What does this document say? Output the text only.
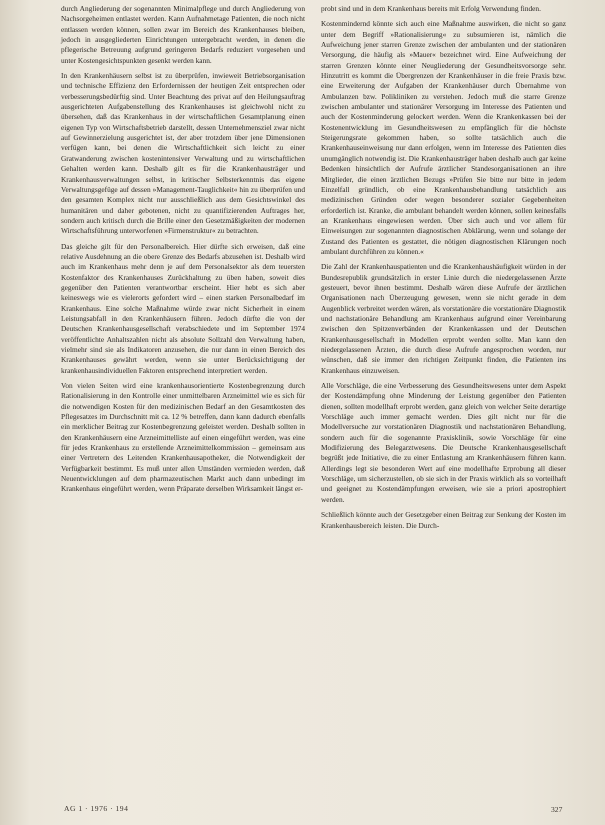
durch Angliederung der sogenannten Minimalpflege und durch Angliederung von Nachsorgeheimen entlastet werden. Kann Aufnahmetage Patienten, die noch nicht entlassen werden können, sollen zwar im Bereich des Krankenhauses bleiben, jedoch in ausgegliederten Einrichtungen untergebracht werden, in denen die pflegerische Betreuung aufgrund geringeren Bedarfs reduziert vorgesehen und unter Kostengesichtspunkten gesenkt werden kann.

In den Krankenhäusern selbst ist zu überprüfen, inwieweit Betriebsorganisation und technische Effizienz den Erfordernissen der heutigen Zeit entsprechen oder verbesserungsbedürftig sind. Unter Beachtung des privat auf den Heilungsauftrag ausgerichteten Aufgabenstellung des Krankenhauses ist gleichwohl nicht zu übersehen, daß das Krankenhaus in der wirtschaftlichen Gesamtplanung einen eigenen Typ von Wirtschaftsbetrieb darstellt, dessen Unternehmensziel zwar nicht auf Gewinnerzielung ausgerichtet ist, der aber trotzdem über jene Dimensionen verfügen kann, bei denen die Wirtschaftlichkeit sich leicht zu einer Gratwanderung zwischen kostenintensiver Verwaltung und zu wirtschaftlichen Gehalten werden kann. Deshalb gilt es für die Krankenhausträger und Krankenhausverwaltungen selbst, in kritischer Selbsterkenntnis das eigene Verwaltungsgefüge auf dessen »Management-Tauglichkeit« hin zu überprüfen und den gesamten Komplex nicht nur ausschließlich aus dem Gesichtswinkel des humanitären und daher gebotenen, nicht zu quantifizierenden Auftrages her, sondern auch kritisch durch die Brille einer den Gesetzmäßigkeiten der modernen Wirtschaftsführung unterworfenen »Firmenstruktur« zu betrachten.

Das gleiche gilt für den Personalbereich. Hier dürfte sich erweisen, daß eine relative Ausdehnung an die obere Grenze des Bedarfs abzusehen ist. Deshalb wird auch im Krankenhaus mehr denn je auf dem Personalsektor als dem teuersten Kostenfaktor des Krankenhauses Zurückhaltung zu üben haben, soweit dies gegenüber den Patienten verantwortbar erscheint. Hier hebt es sich aber keineswegs wie es vielerorts gefordert wird – einen starken Personalbedarf im Krankenhaus. Eine solche Maßnahme würde zwar nicht Sicherheit in einem Leistungsabfall in den Krankenhäusern führen. Jedoch dürfte die von der Deutschen Krankenhausgesellschaft verabschiedete und im September 1974 veröffentlichte Anhaltszahlen nicht als absolute Sollzahl den Verwaltung haben, vielmehr sind sie als Indikatoren anzusehen, die nur dann in einen Bereich des Krankenhauses gewährt werden, wenn sie unter Berücksichtigung der krankenhausindividuellen Faktoren entsprechend interpretiert werden.

Von vielen Seiten wird eine krankenhausorientierte Kostenbegrenzung durch Rationalisierung in den Kontrolle einer unmittelbaren Arzneimittel wie es sich für die notwendigen Kosten für den medizinischen Bedarf an den Gesamtkosten des Pflegesatzes im Durchschnitt mit ca. 12 % betreffen, dann kann dadurch ebenfalls ein merklicher Beitrag zur Kostenbegrenzung geleistet werden. Deshalb sollten in den Krankenhäusern eine Arzneimittelliste auf einen eingeführt werden, was eine für jedes Krankenhaus zu erstellende Arzneimittelkommission – gemeinsam aus einer Vertretern des Leitenden Krankenhausapotheker, die Notwendigkeit der Verfügbarkeit bestimmt. Es muß unter allen Umständen vermieden werden, daß Neuentwicklungen auf dem pharmazeutischen Markt auch dann unbedingt im Krankenhaus eingeführt werden, wenn Präparate derselben Wirksamkeit längst er-

probt sind und in dem Krankenhaus bereits mit Erfolg Verwendung finden.

Kostenmindernd könnte sich auch eine Maßnahme auswirken, die nicht so ganz unter dem Begriff »Rationalisierung« zu subsumieren ist, nämlich die Aufweichung jener starren Grenze zwischen der ambulanten und der stationären Versorgung, die häufig als »Mauer« bezeichnet wird. Eine Aufweichung der starren Grenzen könnte einer Neugliederung der Gesundheitsvorsorge sehr. Hinzutritt es kommt die Übergrenzen der Krankenhäuser in die freie Praxis bzw. eine Erweiterung der Aufgaben der Krankenhäuser durch Übernahme von Ambulanzen bzw. Polikliniken zu verstehen. Jedoch muß die starre Grenze zwischen ambulanter und stationärer Versorgung im Interesse des Patienten und auch der Kostenminderung gelockert werden. Wenn die Krankenkassen bei der Kostenentwicklung im Gesundheitswesen zu empfänglich für die höchste Steigerungsrate gekommen haben, so sollte tatsächlich auch die Krankenhauseinweisung nur dann erfolgen, wenn im Interesse des Patienten dies unumgänglich notwendig ist. Die Krankenhausträger haben deshalb auch gar keine Bedenken hinsichtlich der Aufrufe ärztlicher Standesorganisationen an ihre Mitglieder, die einen ärztlichen Bezugs »Prüfen Sie bitte nur bitte in jedem Einzelfall gründlich, ob eine Krankenhausbehandlung tatsächlich aus medizinischen Gründen oder wegen besonderer sozialer Gegebenheiten erforderlich ist. Kranke, die ambulant behandelt werden können, sollen keinesfalls an Krankenhaus eingewiesen werden. Über sich auch und vor allem für Einweisungen zur sogenannten diagnostischen Abklärung, wenn und solange der Zustand des Patienten es gestattet, die nötigen diagnostischen Klärungen noch ambulant durchführen zu können.«

Die Zahl der Krankenhauspatienten und die Krankenhaushäufigkeit würden in der Bundesrepublik grundsätzlich in erster Linie durch die niedergelassenen Ärzte gesteuert, bevor ihnen bestimmt. Deshalb wären diese Aufrufe der ärztlichen Organisationen nach Überzeugung gewesen, wenn sie nicht gerade in dem Augenblick verbreitet werden wären, als vorstationäre die vorstationäre Diagnostik und nachstationäre Behandlung am Krankenhaus aufgrund einer Vereinbarung zwischen den Spitzenverbänden der Krankenkassen und der Deutschen Krankenhausgesellschaft in Modellen erprobt werden sollte. Man kann den niedergelassenen Ärzten, die durch diese Aufrufe angesprochen worden, nur wünschen, daß sie immer den richtigen Zeitpunkt finden, die Patienten ins Krankenhaus einzuweisen.

Alle Vorschläge, die eine Verbesserung des Gesundheitswesens unter dem Aspekt der Kostendämpfung ohne Minderung der Leistung gegenüber den Patienten dienen, sollten modellhaft erprobt werden, ganz gleich von welcher Seite derartige Vorschläge auch immer gemacht werden. Dies gilt nicht nur für die Modellversuche zur vorstationären Diagnostik und nachstationären Behandlung, sondern auch für die sogenannte Praxisklinik, sowie Vorschläge für eine Modifizierung des Belegarztwesens. Die Deutsche Krankenhausgesellschaft begrüßt jede Initiative, die zu einer Entlastung am Krankenhäusern führen kann. Allerdings legt sie besonderen Wert auf eine modellhafte Erprobung all dieser Vorschläge, um sicherzustellen, ob sie sich in der Praxis wirklich als so vorteilhaft und geeignet zu Kostendämpfungen erweisen, wie sie a priori apostrophiert werden.

Schließlich könnte auch der Gesetzgeber einen Beitrag zur Senkung der Kosten im Krankenhausbereich leisten. Die Durch-

AG 1 · 1976 · 194	327
